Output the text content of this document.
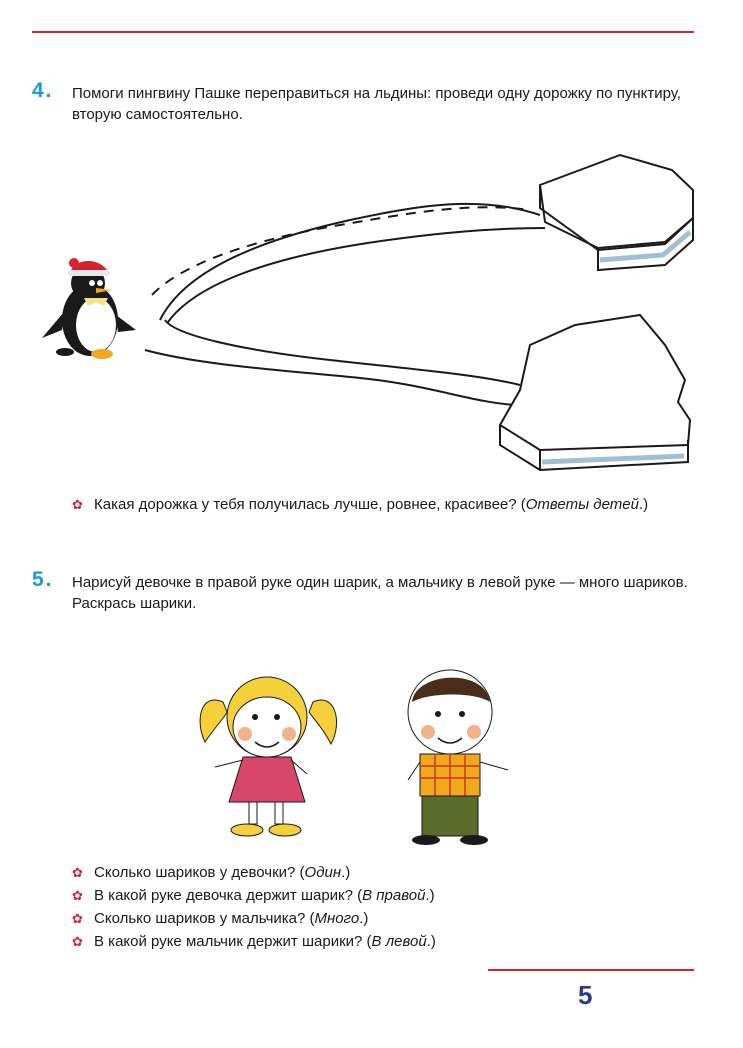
4. Помоги пингвину Пашке переправиться на льдины: проведи одну дорожку по пунктиру, вторую самостоятельно.
✿ Какая дорожка у тебя получилась лучше, ровнее, красивее? (Ответы детей.)
5. Нарисуй девочке в правой руке один шарик, а мальчику в левой руке — много шариков. Раскрась шарики.
✿ Сколько шариков у девочки? (Один.)
✿ В какой руке девочка держит шарик? (В правой.)
✿ Сколько шариков у мальчика? (Много.)
✿ В какой руке мальчик держит шарики? (В левой.)
5
